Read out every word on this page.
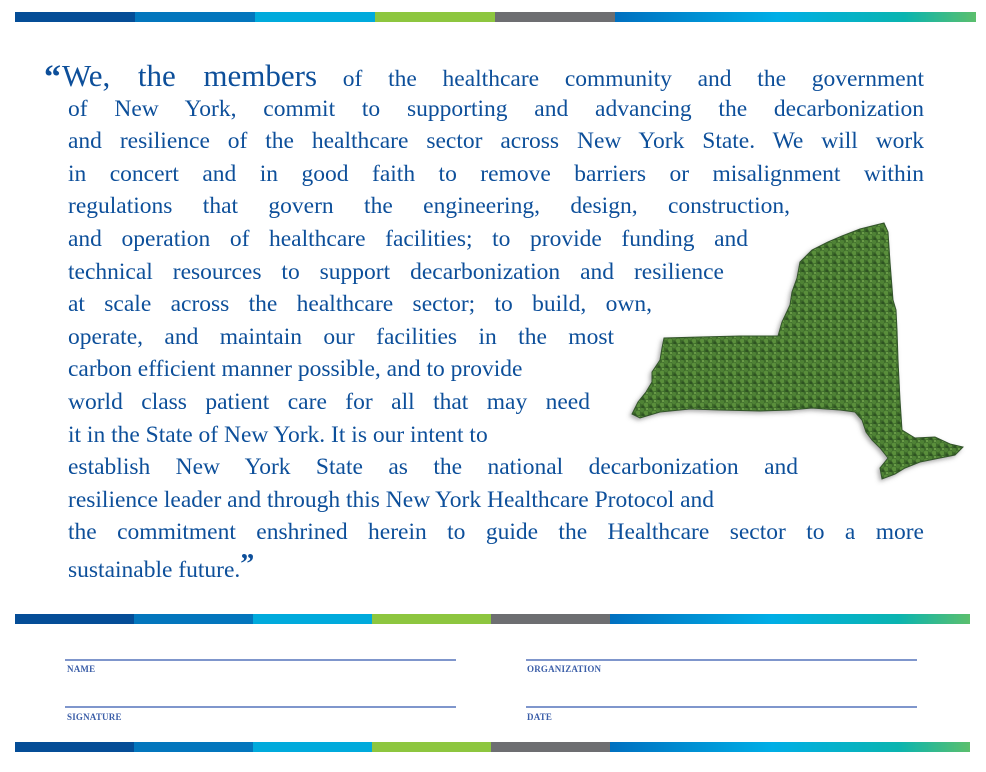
“ We, the members of the healthcare community and the government
of New York, commit to supporting and advancing the decarbonization
and resilience of the healthcare sector across New York State. We will work
in concert and in good faith to remove barriers or misalignment within
regulations that govern the engineering, design, construction,
and operation of healthcare facilities; to provide funding and
technical resources to support decarbonization and resilience
at scale across the healthcare sector; to build, own,
operate, and maintain our facilities in the most
carbon efficient manner possible, and to provide
world class patient care for all that may need
it in the State of New York. It is our intent to
establish New York State as the national decarbonization and
resilience leader and through this New York Healthcare Protocol and
the commitment enshrined herein to guide the Healthcare sector to a more
sustainable future.”
NAME	ORGANIZATION
SIGNATURE	DATE
